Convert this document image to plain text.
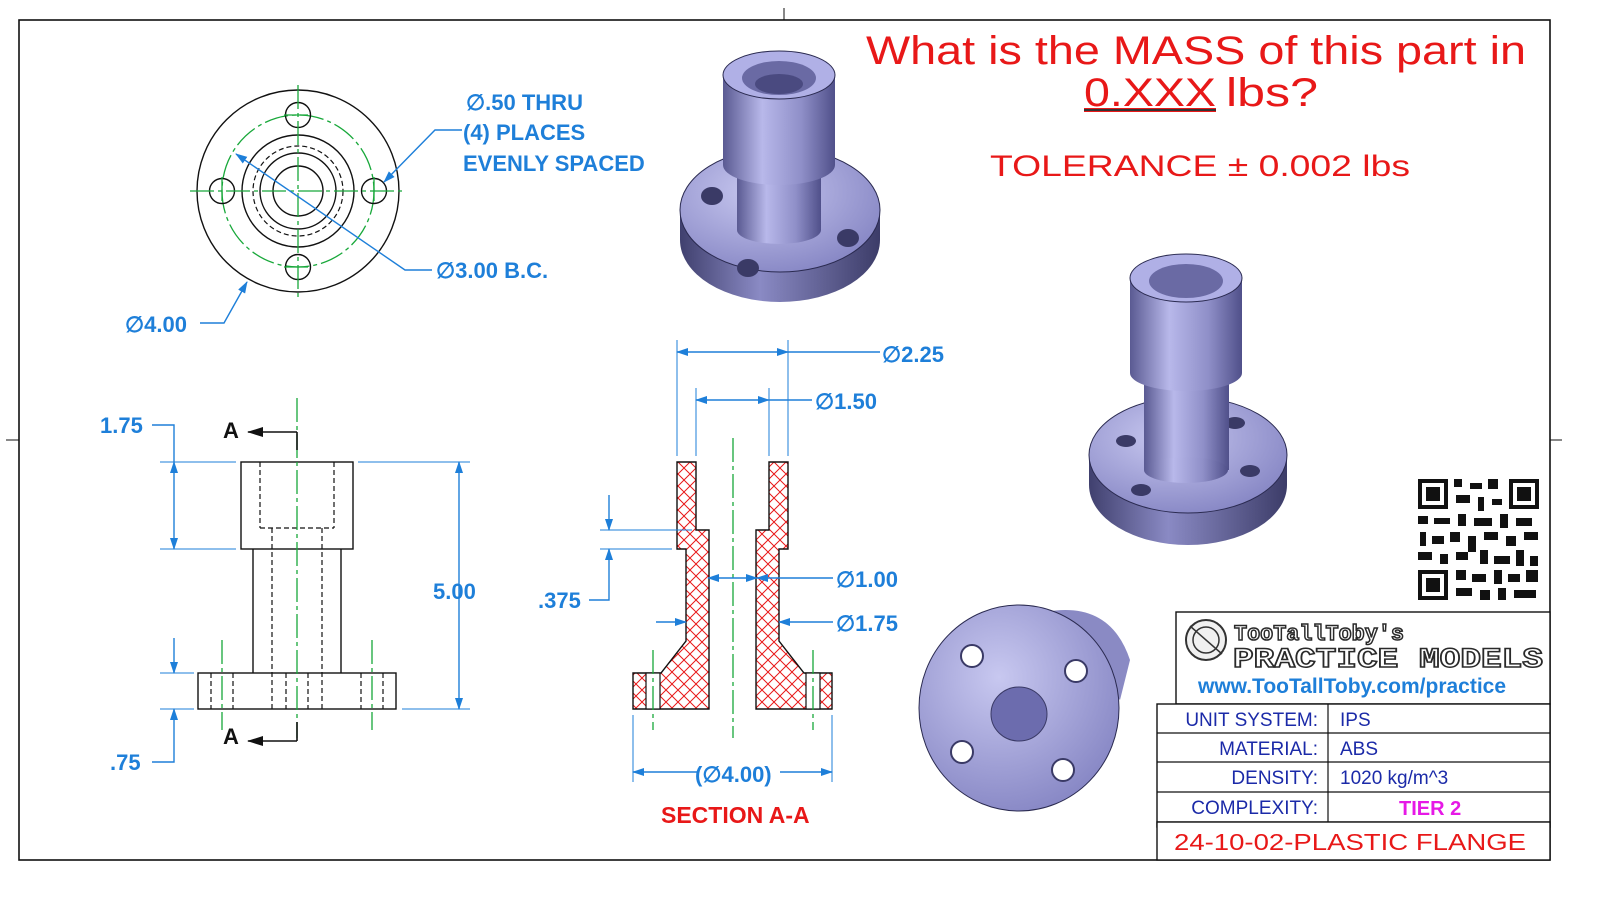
∅.50 THRU
(4) PLACES
EVENLY SPACED
∅3.00 B.C.
∅4.00
1.75
5.00
.75
A
A
∅2.25
∅1.50
∅1.00
∅1.75
.375
(∅4.00)
SECTION A-A
What is the MASS of this part in
0.XXX lbs?
TOLERANCE ± 0.002 lbs
TooTallToby's
PRACTICE MODELS
www.TooTallToby.com/practice
UNIT SYSTEM: IPS
MATERIAL: ABS
DENSITY: 1020 kg/m^3
COMPLEXITY:	TIER 2
24-10-02-PLASTIC FLANGE
